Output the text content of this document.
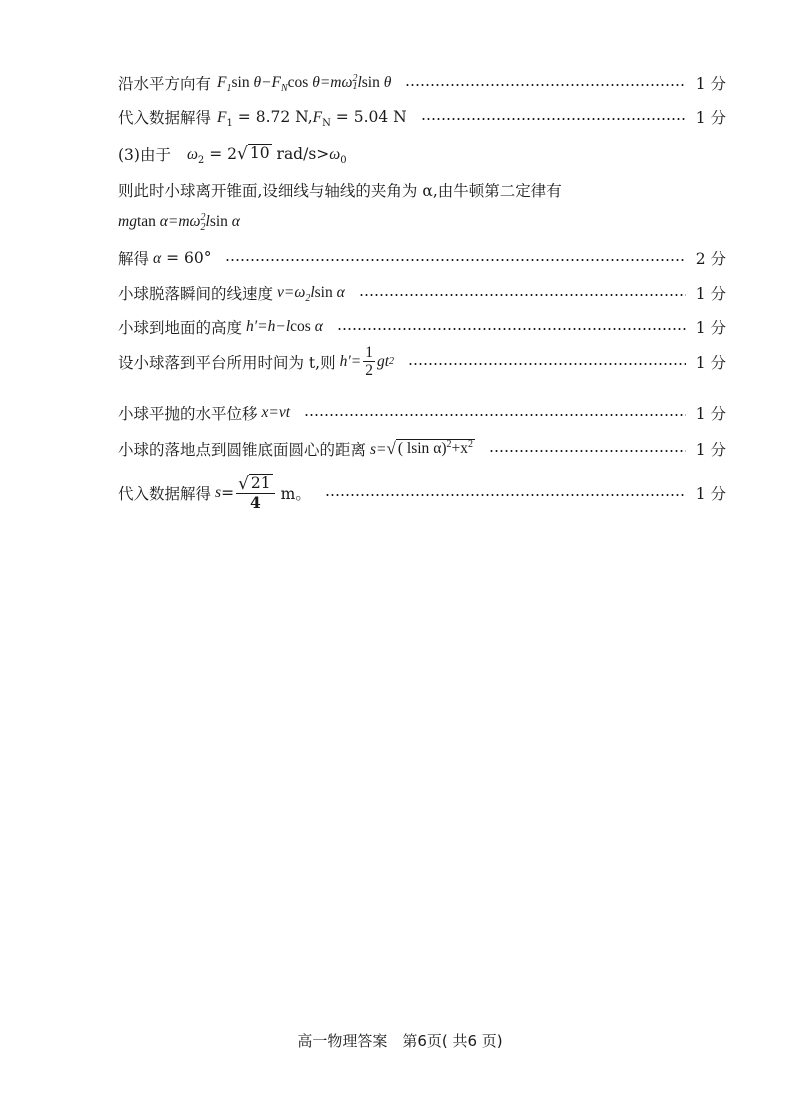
沿水平方向有 $F_1\sin$ $\theta-F_N\cos$ $\theta=m\omega_1^2lsin$ θ	1 分
代入数据解得 $F_1 = 8.72$ $N,F_N = 5.04$ N	1 分
(3)由于 $\omega_2 = 2$ √ 10 rad/$s>\omega_0$
则此时小球离开锥面,设细线与轴线的夹角为 α,由牛顿第二定律有
mgtan $\alpha=m\omega_2^2lsin$ α
解得 α = 60°	2 分
小球脱落瞬间的线速度 $v=\omega_2lsin$ α	1 分
小球到地面的高度 h′=h−lcos α	1 分
设小球落到平台所用时间为 t,则 $h'= \frac{1}{2}$ gt 2	1 分
小球平抛的水平位移 x=vt	1 分
小球的落地点到圆锥底面圆心的距离 s= √ ( lsin $\alpha)^2+x^2$	1 分
代入数据解得 $s = \frac{√ 21}{4}$ m。	1 分
高一物理答案　第6页( 共6 页)
